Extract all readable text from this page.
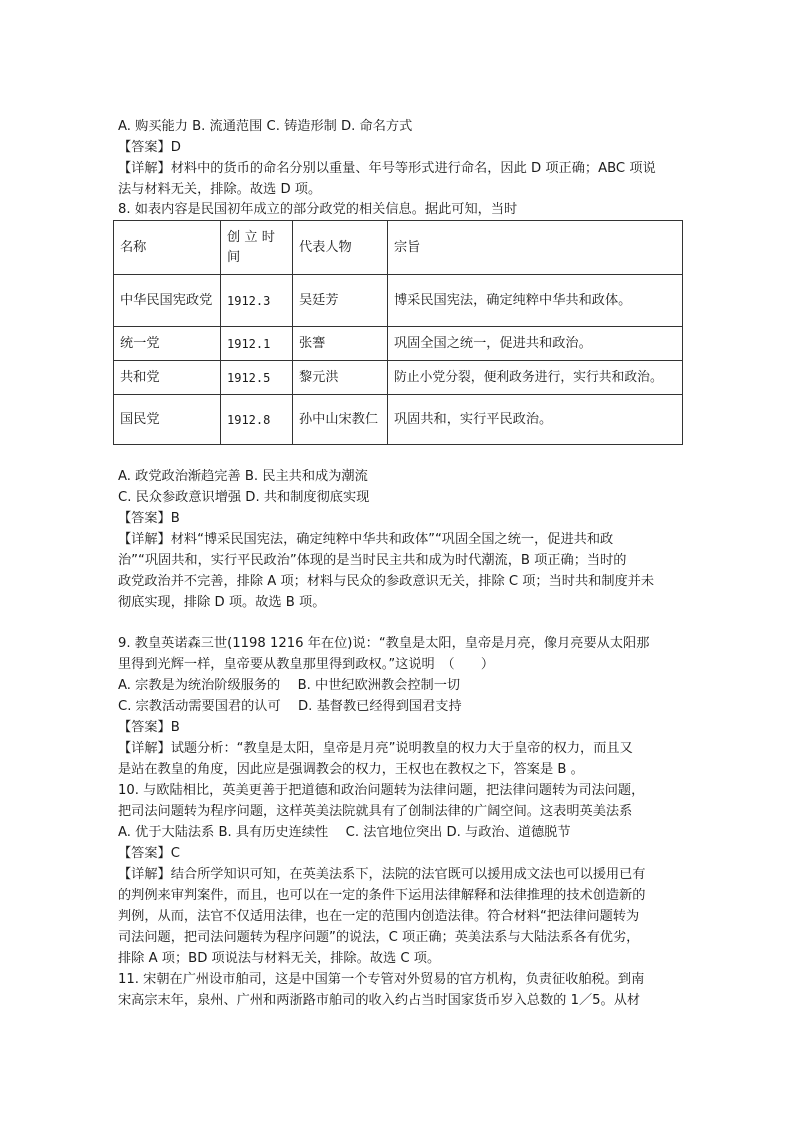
A. 购买能力 B. 流通范围 C. 铸造形制 D. 命名方式
【答案】D
【详解】材料中的货币的命名分别以重量、年号等形式进行命名，因此 D 项正确；ABC 项说
法与材料无关，排除。故选 D 项。
8. 如表内容是民国初年成立的部分政党的相关信息。据此可知，当时
名称	创 立 时间	代表人物	宗旨
中华民国宪政党	1912.3	吴廷芳	博采民国宪法，确定纯粹中华共和政体。
统一党	1912.1	张謇	巩固全国之统一，促进共和政治。
共和党	1912.5	黎元洪	防止小党分裂，便利政务进行，实行共和政治。
国民党	1912.8	孙中山宋教仁	巩固共和，实行平民政治。
A. 政党政治渐趋完善 B. 民主共和成为潮流
C. 民众参政意识增强 D. 共和制度彻底实现
【答案】B
【详解】材料“博采民国宪法，确定纯粹中华共和政体”“巩固全国之统一，促进共和政
治”“巩固共和，实行平民政治”体现的是当时民主共和成为时代潮流，B 项正确；当时的
政党政治并不完善，排除 A 项；材料与民众的参政意识无关，排除 C 项；当时共和制度并未
彻底实现，排除 D 项。故选 B 项。
9. 教皇英诺森三世(1198 1216 年在位)说：“教皇是太阳，皇帝是月亮，像月亮要从太阳那
里得到光辉一样，皇帝要从教皇那里得到政权。”这说明　（　　）
A. 宗教是为统治阶级服务的　 B. 中世纪欧洲教会控制一切
C. 宗教活动需要国君的认可　 D. 基督教已经得到国君支持
【答案】B
【详解】试题分析：“教皇是太阳，皇帝是月亮”说明教皇的权力大于皇帝的权力，而且又
是站在教皇的角度，因此应是强调教会的权力，王权也在教权之下，答案是 B 。
10. 与欧陆相比，英美更善于把道德和政治问题转为法律问题，把法律问题转为司法问题，
把司法问题转为程序问题，这样英美法院就具有了创制法律的广阔空间。这表明英美法系
A. 优于大陆法系 B. 具有历史连续性　 C. 法官地位突出 D. 与政治、道德脱节
【答案】C
【详解】结合所学知识可知，在英美法系下，法院的法官既可以援用成文法也可以援用已有
的判例来审判案件，而且，也可以在一定的条件下运用法律解释和法律推理的技术创造新的
判例，从而，法官不仅适用法律，也在一定的范围内创造法律。符合材料“把法律问题转为
司法问题，把司法问题转为程序问题”的说法，C 项正确；英美法系与大陆法系各有优劣，
排除 A 项；BD 项说法与材料无关，排除。故选 C 项。
11. 宋朝在广州设市舶司，这是中国第一个专管对外贸易的官方机构，负责征收舶税。到南
宋高宗末年，泉州、广州和两浙路市舶司的收入约占当时国家货币岁入总数的 1／5。从材
